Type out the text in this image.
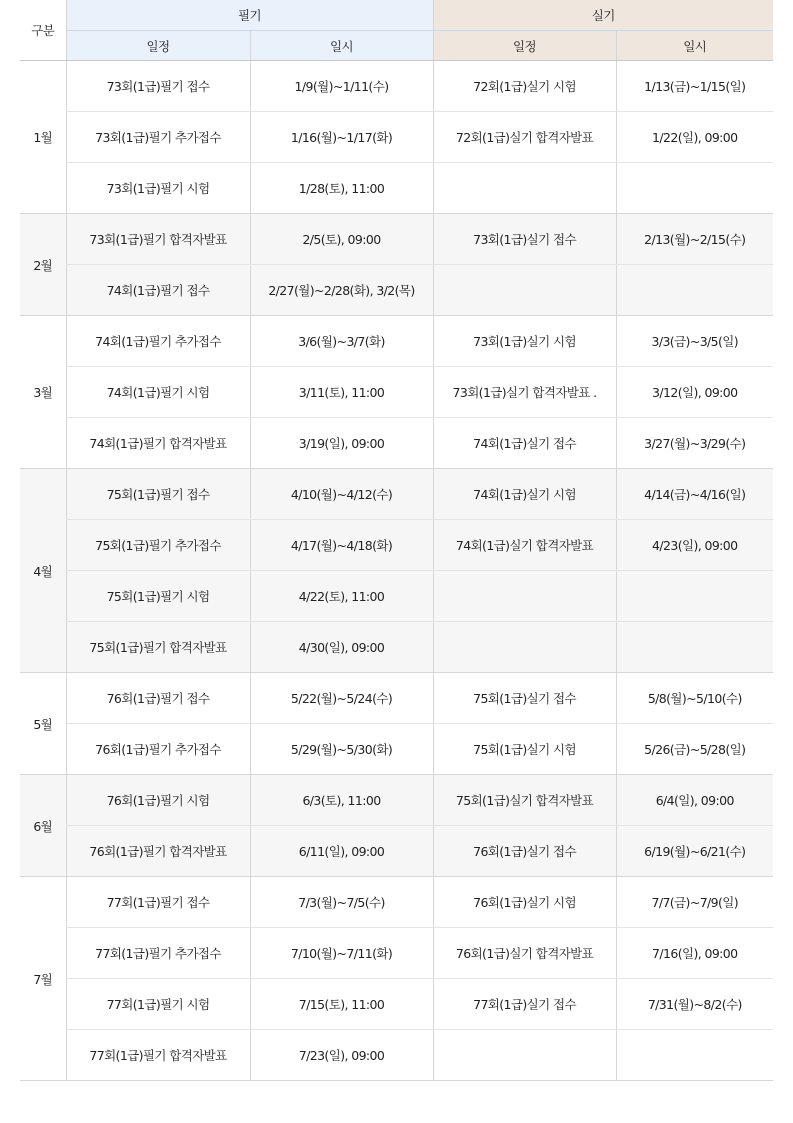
구분	필기		실기	
	일정	일시	일정	일시
1월	73회(1급)필기 접수	1/9(월)~1/11(수)	72회(1급)실기 시험	1/13(금)~1/15(일)
	73회(1급)필기 추가접수	1/16(월)~1/17(화)	72회(1급)실기 합격자발표	1/22(일), 09:00
	73회(1급)필기 시험	1/28(토), 11:00		
2월	73회(1급)필기 합격자발표	2/5(토), 09:00	73회(1급)실기 접수	2/13(월)~2/15(수)
	74회(1급)필기 접수	2/27(월)~2/28(화), 3/2(목)		
3월	74회(1급)필기 추가접수	3/6(월)~3/7(화)	73회(1급)실기 시험	3/3(금)~3/5(일)
	74회(1급)필기 시험	3/11(토), 11:00	73회(1급)실기 합격자발표 .	3/12(일), 09:00
	74회(1급)필기 합격자발표	3/19(일), 09:00	74회(1급)실기 접수	3/27(월)~3/29(수)
4월	75회(1급)필기 접수	4/10(월)~4/12(수)	74회(1급)실기 시험	4/14(금)~4/16(일)
	75회(1급)필기 추가접수	4/17(월)~4/18(화)	74회(1급)실기 합격자발표	4/23(일), 09:00
	75회(1급)필기 시험	4/22(토), 11:00		
	75회(1급)필기 합격자발표	4/30(일), 09:00		
5월	76회(1급)필기 접수	5/22(월)~5/24(수)	75회(1급)실기 접수	5/8(월)~5/10(수)
	76회(1급)필기 추가접수	5/29(월)~5/30(화)	75회(1급)실기 시험	5/26(금)~5/28(일)
6월	76회(1급)필기 시험	6/3(토), 11:00	75회(1급)실기 합격자발표	6/4(일), 09:00
	76회(1급)필기 합격자발표	6/11(일), 09:00	76회(1급)실기 접수	6/19(월)~6/21(수)
7월	77회(1급)필기 접수	7/3(월)~7/5(수)	76회(1급)실기 시험	7/7(금)~7/9(일)
	77회(1급)필기 추가접수	7/10(월)~7/11(화)	76회(1급)실기 합격자발표	7/16(일), 09:00
	77회(1급)필기 시험	7/15(토), 11:00	77회(1급)실기 접수	7/31(월)~8/2(수)
	77회(1급)필기 합격자발표	7/23(일), 09:00		
